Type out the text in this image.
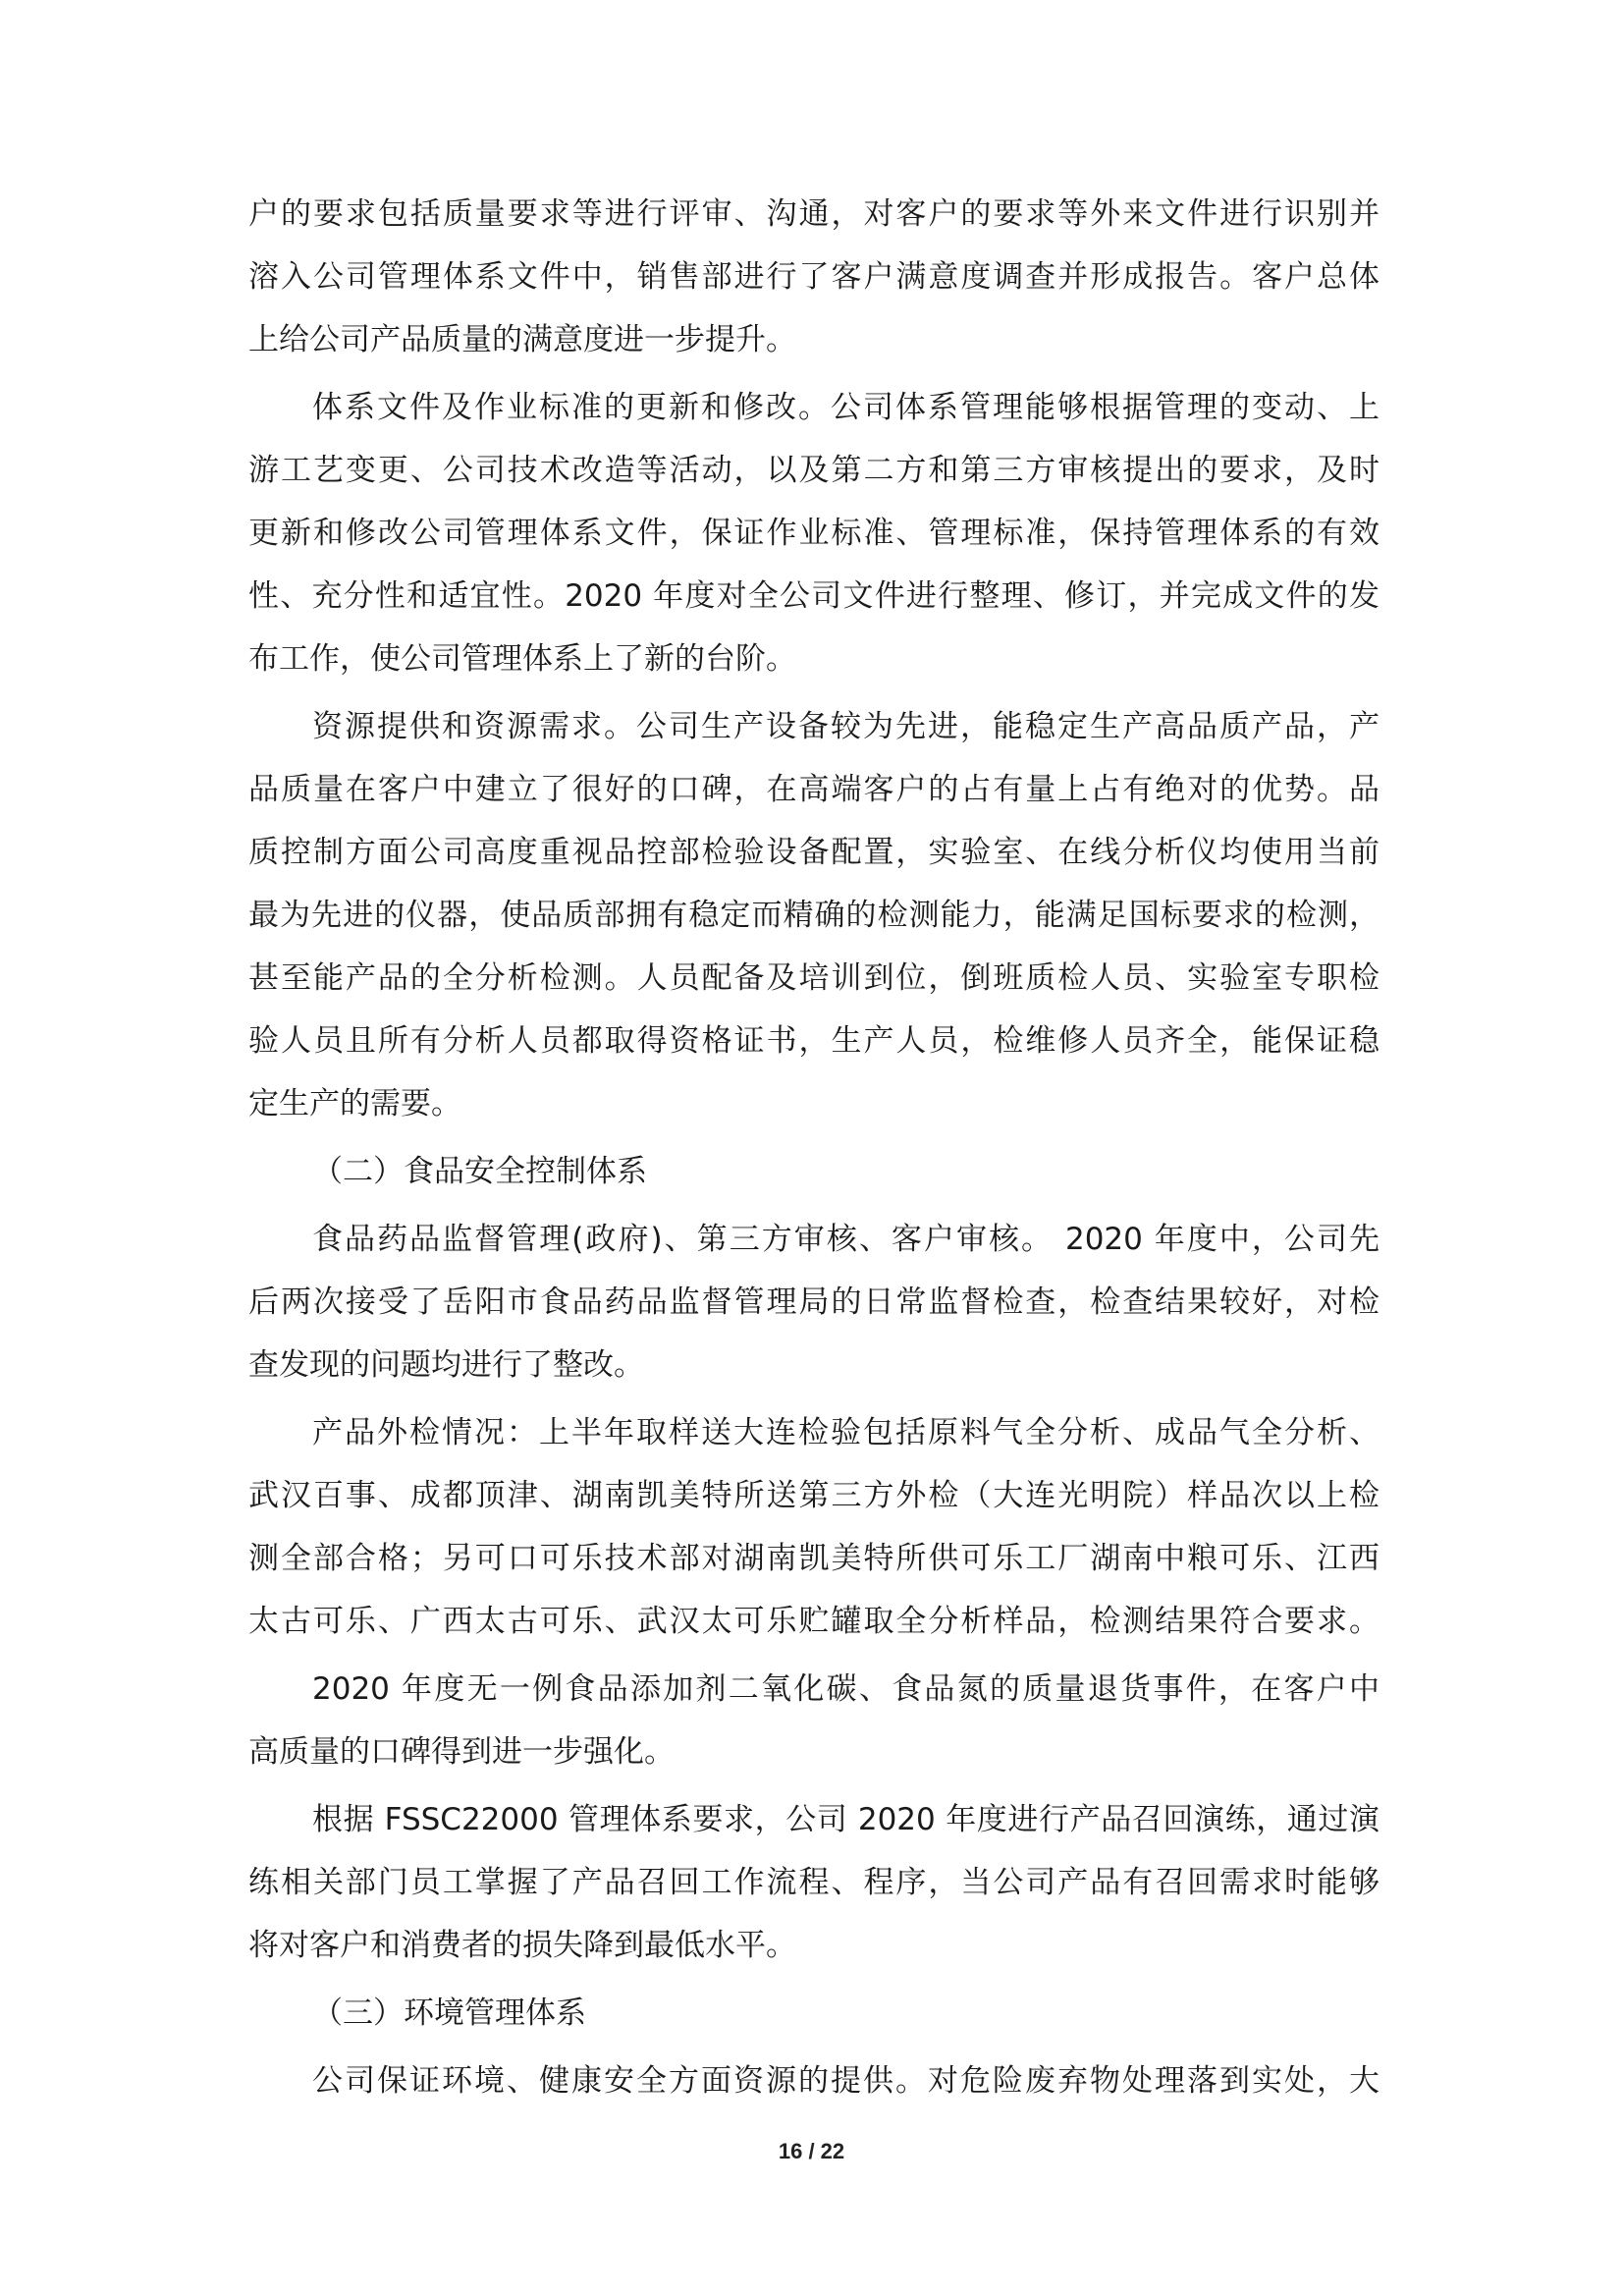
户的要求包括质量要求等进行评审、沟通，对客户的要求等外来文件进行识别并
溶入公司管理体系文件中，销售部进行了客户满意度调查并形成报告。客户总体
上给公司产品质量的满意度进一步提升。
体系文件及作业标准的更新和修改。公司体系管理能够根据管理的变动、上
游工艺变更、公司技术改造等活动，以及第二方和第三方审核提出的要求，及时
更新和修改公司管理体系文件，保证作业标准、管理标准，保持管理体系的有效
性、充分性和适宜性。2020 年度对全公司文件进行整理、修订，并完成文件的发
布工作，使公司管理体系上了新的台阶。
资源提供和资源需求。公司生产设备较为先进，能稳定生产高品质产品，产
品质量在客户中建立了很好的口碑，在高端客户的占有量上占有绝对的优势。品
质控制方面公司高度重视品控部检验设备配置，实验室、在线分析仪均使用当前
最为先进的仪器，使品质部拥有稳定而精确的检测能力，能满足国标要求的检测，
甚至能产品的全分析检测。人员配备及培训到位，倒班质检人员、实验室专职检
验人员且所有分析人员都取得资格证书，生产人员，检维修人员齐全，能保证稳
定生产的需要。
（二）食品安全控制体系
食品药品监督管理(政府)、第三方审核、客户审核。 2020 年度中，公司先
后两次接受了岳阳市食品药品监督管理局的日常监督检查，检查结果较好，对检
查发现的问题均进行了整改。
产品外检情况：上半年取样送大连检验包括原料气全分析、成品气全分析、
武汉百事、成都顶津、湖南凯美特所送第三方外检（大连光明院）样品次以上检
测全部合格；另可口可乐技术部对湖南凯美特所供可乐工厂湖南中粮可乐、江西
太古可乐、广西太古可乐、武汉太可乐贮罐取全分析样品，检测结果符合要求。
2020 年度无一例食品添加剂二氧化碳、食品氮的质量退货事件，在客户中
高质量的口碑得到进一步强化。
根据 FSSC22000 管理体系要求，公司 2020 年度进行产品召回演练，通过演
练相关部门员工掌握了产品召回工作流程、程序，当公司产品有召回需求时能够
将对客户和消费者的损失降到最低水平。
（三）环境管理体系
公司保证环境、健康安全方面资源的提供。对危险废弃物处理落到实处，大
16 / 22
